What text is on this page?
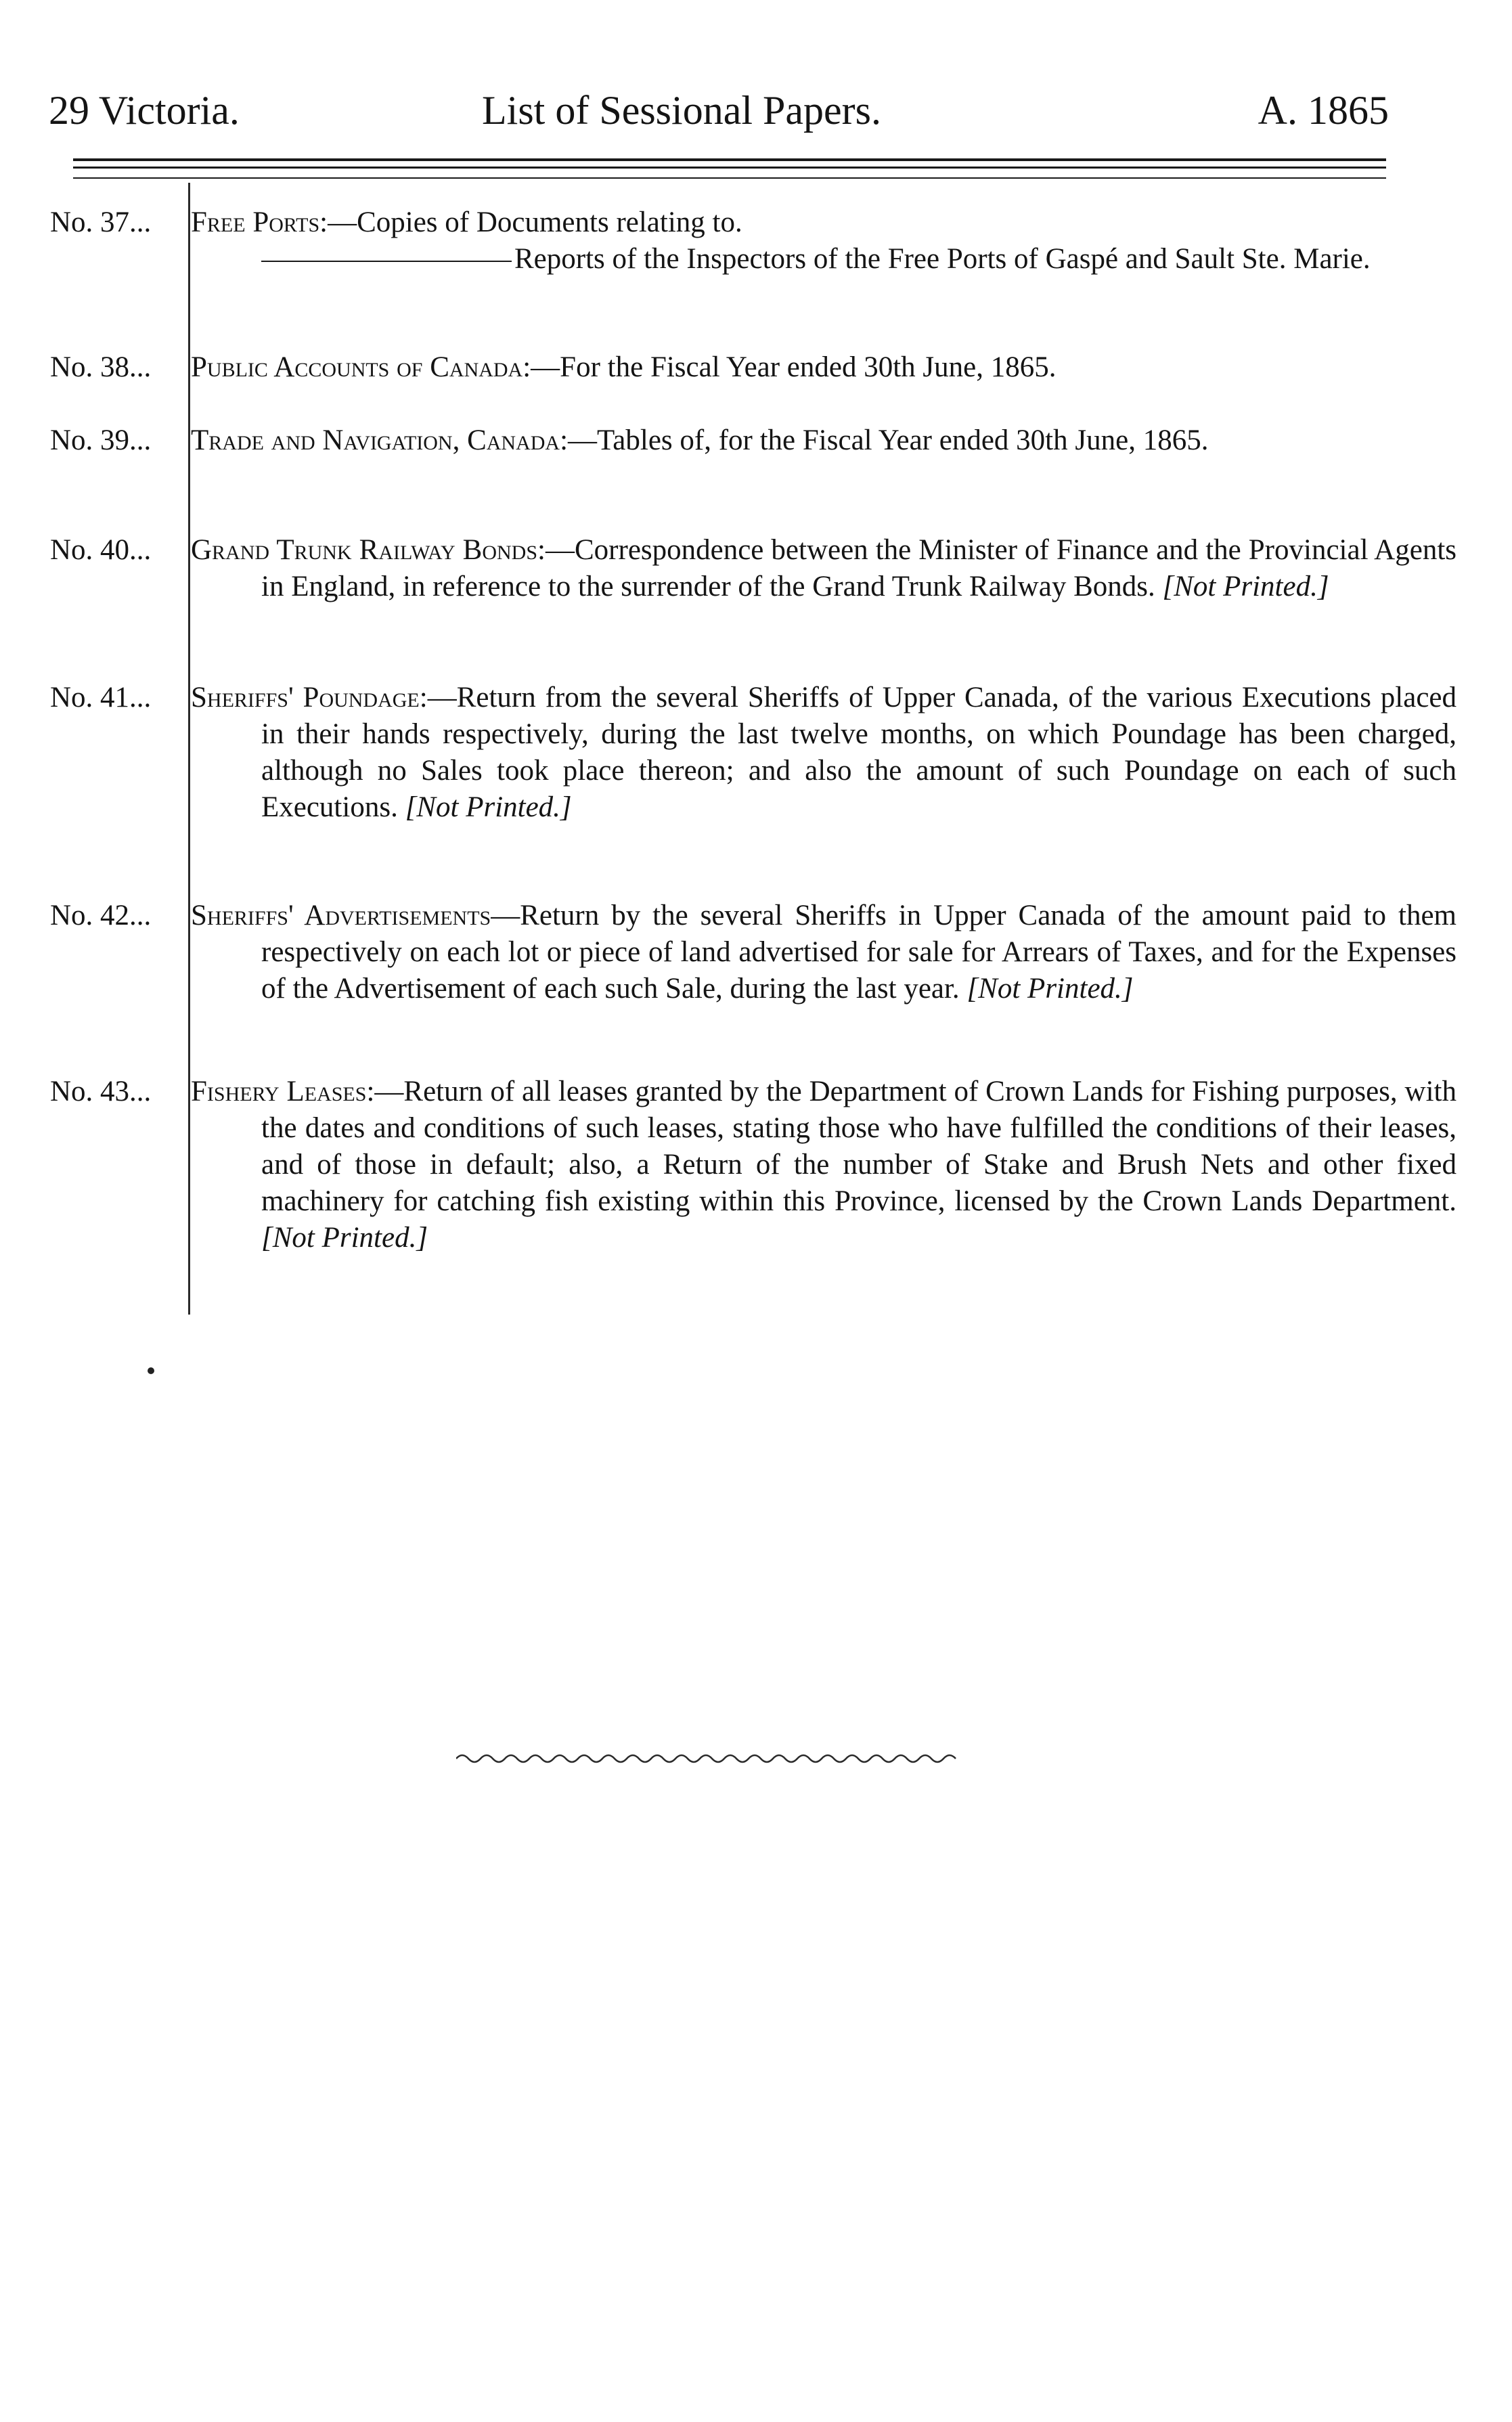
29 Victoria.	List of Sessional Papers.	A. 1865
No. 37...	Free Ports:—Copies of Documents relating to.
Reports of the Inspectors of the Free Ports of Gaspé and Sault Ste. Marie.
No. 38...	Public Accounts of Canada:—For the Fiscal Year ended 30th June, 1865.
No. 39...	Trade and Navigation, Canada:—Tables of, for the Fiscal Year ended 30th June, 1865.
No. 40...	Grand Trunk Railway Bonds:—Correspondence between the Minister of Finance and the Provincial Agents in England, in reference to the surrender of the Grand Trunk Railway Bonds. [Not Printed.]
No. 41...	Sheriffs' Poundage:—Return from the several Sheriffs of Upper Canada, of the various Executions placed in their hands respectively, during the last twelve months, on which Poundage has been charged, although no Sales took place thereon; and also the amount of such Poundage on each of such Executions. [Not Printed.]
No. 42...	Sheriffs' Advertisements—Return by the several Sheriffs in Upper Canada of the amount paid to them respectively on each lot or piece of land advertised for sale for Arrears of Taxes, and for the Expenses of the Advertisement of each such Sale, during the last year. [Not Printed.]
No. 43...	Fishery Leases:—Return of all leases granted by the Department of Crown Lands for Fishing purposes, with the dates and conditions of such leases, stating those who have fulfilled the conditions of their leases, and of those in default; also, a Return of the number of Stake and Brush Nets and other fixed machinery for catching fish existing within this Province, licensed by the Crown Lands Department. [Not Printed.]
